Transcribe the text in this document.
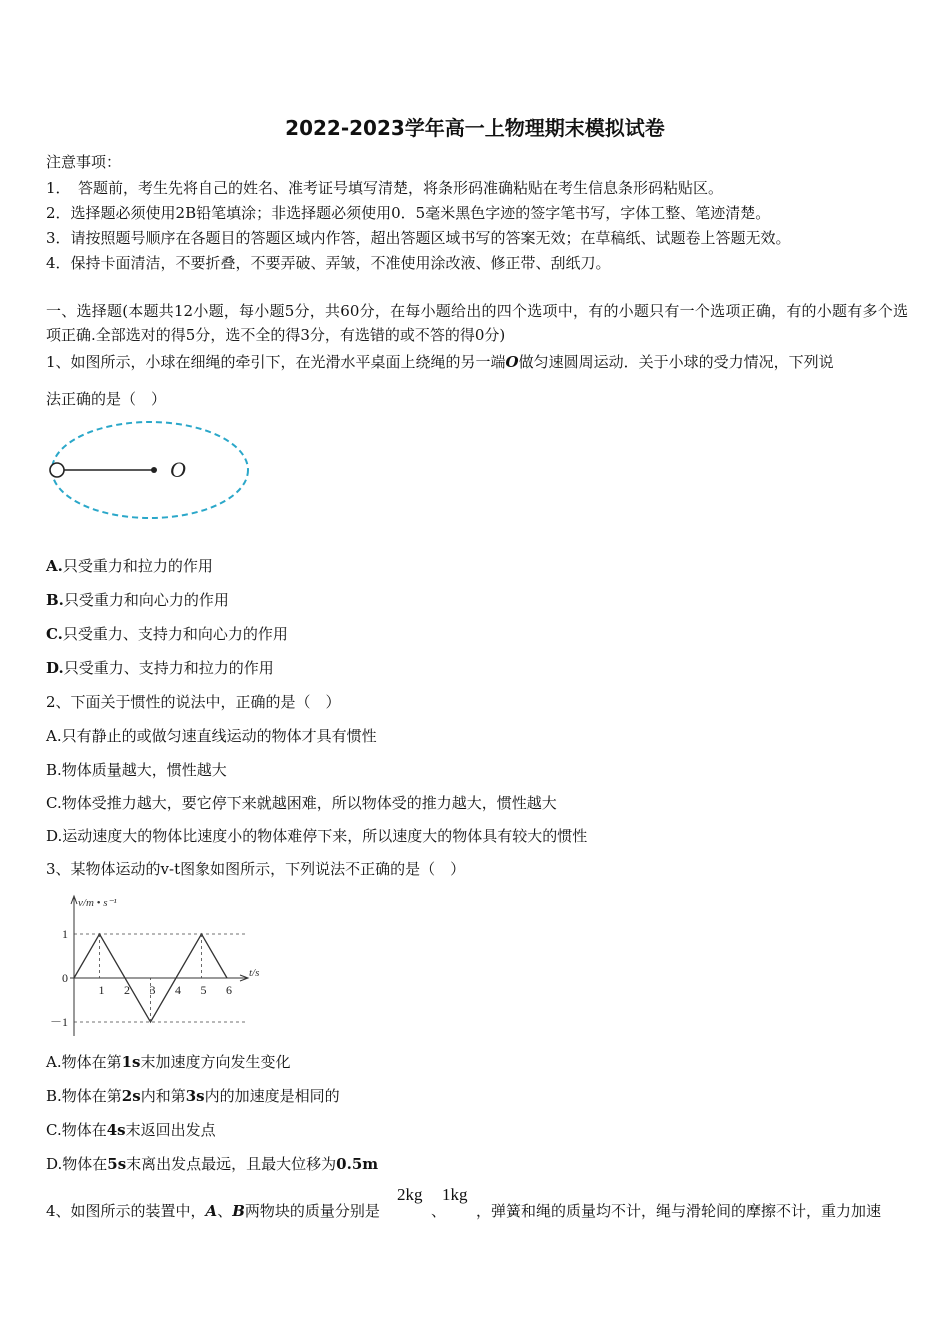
2022-2023学年高一上物理期末模拟试卷
注意事项：
1．　答题前，考生先将自己的姓名、准考证号填写清楚，将条形码准确粘贴在考生信息条形码粘贴区。
2．选择题必须使用2B铅笔填涂；非选择题必须使用0．5毫米黑色字迹的签字笔书写，字体工整、笔迹清楚。
3．请按照题号顺序在各题目的答题区域内作答，超出答题区域书写的答案无效；在草稿纸、试题卷上答题无效。
4．保持卡面清洁，不要折叠，不要弄破、弄皱，不准使用涂改液、修正带、刮纸刀。
一、选择题(本题共12小题，每小题5分，共60分，在每小题给出的四个选项中，有的小题只有一个选项正确，有的小题有多个选项正确.全部选对的得5分，选不全的得3分，有选错的或不答的得0分)
1、如图所示，小球在细绳的牵引下，在光滑水平桌面上绕绳的另一端O做匀速圆周运动．关于小球的受力情况，下列说
法正确的是（　）
O
A.只受重力和拉力的作用
B.只受重力和向心力的作用
C.只受重力、支持力和向心力的作用
D.只受重力、支持力和拉力的作用
2、下面关于惯性的说法中，正确的是（　）
A.只有静止的或做匀速直线运动的物体才具有惯性
B.物体质量越大，惯性越大
C.物体受推力越大，要它停下来就越困难，所以物体受的推力越大，惯性越大
D.运动速度大的物体比速度小的物体难停下来，所以速度大的物体具有较大的惯性
3、某物体运动的v-t图象如图所示，下列说法不正确的是（　）
v/m • s⁻¹
t/s
1
0
－1
1 2 3 4 5 6
A.物体在第1s末加速度方向发生变化
B.物体在第2s内和第3s内的加速度是相同的
C.物体在4s末返回出发点
D.物体在5s末离出发点最远，且最大位移为0.5m
4、如图所示的装置中，A、B两物块的质量分别是
2kg
、
1kg
，弹簧和绳的质量均不计，绳与滑轮间的摩擦不计，重力加速
